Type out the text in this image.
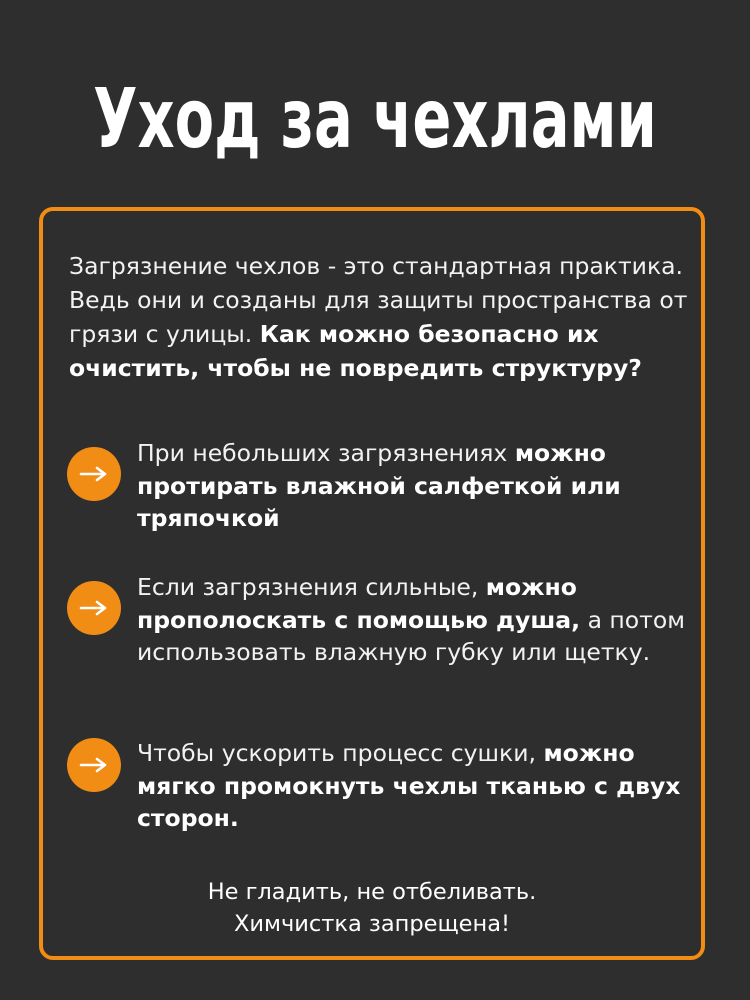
Уход за чехлами
Загрязнение чехлов - это стандартная практика. Ведь они и созданы для защиты пространства от грязи с улицы. Как можно безопасно их очистить, чтобы не повредить структуру?
При небольших загрязнениях можно протирать влажной салфеткой или тряпочкой
Если загрязнения сильные, можно прополоскать с помощью душа, а потом использовать влажную губку или щетку.
Чтобы ускорить процесс сушки, можно мягко промокнуть чехлы тканью с двух сторон.
Не гладить, не отбеливать.
Химчистка запрещена!
